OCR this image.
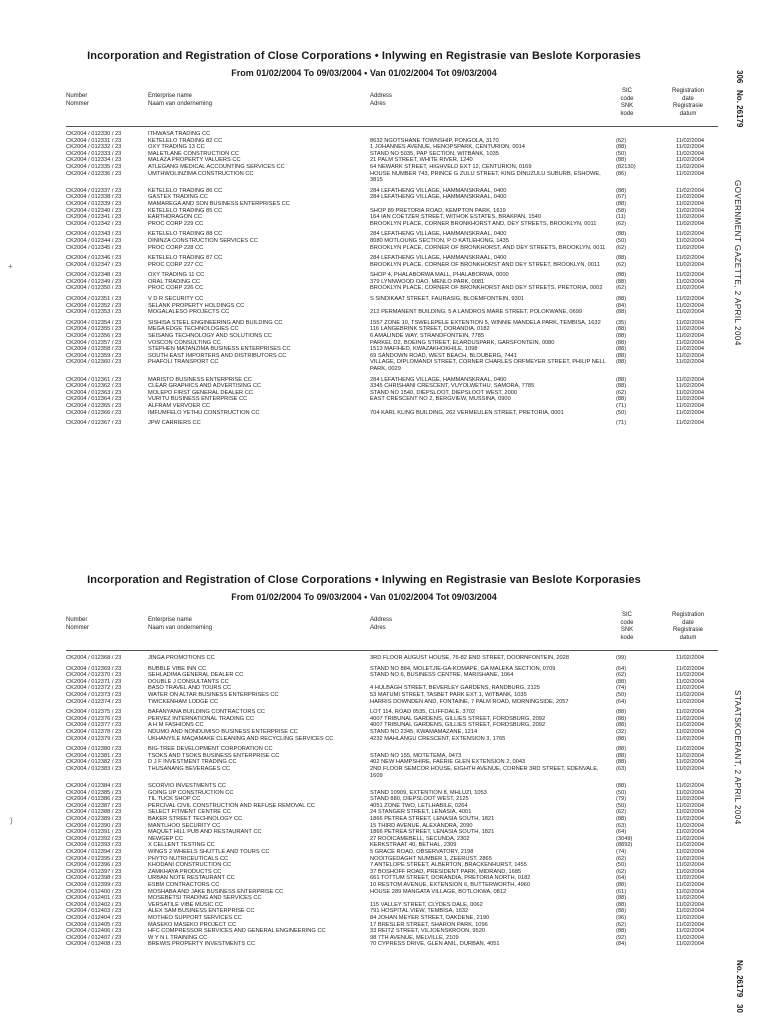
306   No. 26179
GOVERNMENT GAZETTE, 2 APRIL 2004
STAATSKOERANT, 2 APRIL 2004
No. 26179   30
+
)
Incorporation and Registration of Close Corporations • Inlywing en Registrasie van Beslote Korporasies
From 01/02/2004 To 09/03/2004 • Van 01/02/2004 Tot 09/03/2004
Number
Nommer
Enterprise name
Naam van onderneming
Address
Adres
SIC
code
SNK
kode
Registration
date
Registrasie
datum
CK2004 / 012330 / 23	ITHWASA TRADING CC
CK2004 / 012331 / 23	KETELELO TRADING 82 CC	(62)	11/02/2004
8632 NGOTSHANE TOWNSHIP, PONGOLA, 3170
CK2004 / 012332 / 23	OXY TRADING 13 CC	(88)	11/02/2004
1 JOHANNES AVENUE, HENOPSPARK, CENTURION, 0014
CK2004 / 012333 / 23	MALETLANE CONSTRUCTION CC	(50)	11/02/2004
STAND NO 5035, PAP SECTION, WITBANK, 1035
CK2004 / 012334 / 23	MALAZA PROPERTY VALUERS CC	(88)	11/02/2004
21 PALM STREET, WHITE RIVER, 1240
CK2004 / 012335 / 23	ATLEGANG MEDICAL ACCOUNTING SERVICES CC	(82130)	11/02/2004
64 NEWARK STREET, HIGHVELD EXT 12, CENTURION, 0169
CK2004 / 012336 / 23	UMTHWOLINZIMA CONSTRUCTION CC	(86)	11/02/2004
HOUSE NUMBER 743, PRINCE G ZULU STREET, KING DINUZULU SUBURB, ESHOWE, 3815
CK2004 / 012337 / 23	KETELELO TRADING 86 CC	(88)	11/02/2004
284 LEFATHENG VILLAGE, HAMMANSKRAAL, 0400
CK2004 / 012338 / 23	GASTEX TRADING CC	(67)	11/02/2004
284 LEFATHENG VILLAGE, HAMMANSKRAAL, 0400
CK2004 / 012339 / 23	MAMAREGA AND SON BUSINESS ENTERPRISES CC	(88)	11/02/2004
CK2004 / 012340 / 23	KETELELO TRADING 85 CC	(58)	11/02/2004
SHOP 89 PRETORIA ROAD, KEMPTON PARK, 1619
CK2004 / 012341 / 23	EARTHDRAGON CC	(11)	11/02/2004
164 IAN COETZER STREET, WITHOK ESTATES, BRAKPAN, 1540
CK2004 / 012342 / 23	PROC CORP 229 CC	(62)	11/02/2004
BROOKLYN PLACE, CORNER BRONKHORST AND, DEY STREETS, BROOKLYN, 0011
CK2004 / 012343 / 23	KETELELO TRADING 88 CC	(88)	11/02/2004
284 LEFATHENG VILLAGE, HAMMANSKRAAL, 0400
CK2004 / 012344 / 23	DININZA CONSTRUCTION SERVICES CC	(50)	11/02/2004
8080 MOTLOUNG SECTION, P O KATLEHONG, 1435
CK2004 / 012345 / 23	PROC CORP 228 CC	(62)	11/02/2004
BROOKLYN PLACE, CORNER OF BRONKHORST, AND DEY STREETS, BROOKLYN, 0011
CK2004 / 012346 / 23	KETELELO TRADING 87 CC	(88)	11/02/2004
284 LEFATHENG VILLAGE, HAMMANSKRAAL, 0400
CK2004 / 012347 / 23	PROC CORP 227 CC	(62)	11/02/2004
BROOKLYN PLACE, CORNER OF BRONKHORST AND DEY STREET, BROOKLYN, 0011
CK2004 / 012348 / 23	OXY TRADING 11 CC	(88)	11/02/2004
SHOP 4, PHALABORWA MALL, PHALABORWA, 0000
CK2004 / 012349 / 23	ORAL TRADING CC	(88)	11/02/2004
379 LYNNWOOD OAO, MENLO PARK, 0081
CK2004 / 012350 / 23	PROC CORP 226 CC	(62)	11/02/2004
BROOKLYN PLACE, CORNER OF BRONKHORST AND DEY STREETS, PRETORIA, 0002
CK2004 / 012351 / 23	V D R SECURITY CC	(88)	11/02/2004
S SINDIKAAT STREET, FAURASIG, BLOEMFONTEIN, 9301
CK2004 / 012352 / 23	SELANK PROPERTY HOLDINGS CC	(84)	11/02/2004
CK2004 / 012353 / 23	MOGALALESO PROJECTS CC	(88)	11/02/2004
212 PERMANENT BUILDING, 5 A LANDROS MARE STREET, POLOKWANE, 0699
CK2004 / 012354 / 23	SISHISA STEEL ENGINEERING AND BUILDING CC	(35)	11/02/2004
1557 ZONE 10, TSWELEPELE EXTENTION 5, WINNIE MANDELA PARK, TEMBISA, 1632
CK2004 / 012355 / 23	MEGA EDGE TECHNOLOGIES CC	(88)	11/02/2004
116 LANGEBRINK STREET, DORANDIA, 0182
CK2004 / 012356 / 23	SEISANG TECHNOLOGY AND SOLUTIONS CC	(88)	11/02/2004
6 AMALINDE WAY, STRANDFONTEIN, 7785
CK2004 / 012357 / 23	VOSCON CONSULTING CC	(88)	11/02/2004
PARKEL D2, BOEING STREET, ELARDUSPARK, GARSFONTEIN, 0080
CK2004 / 012358 / 23	STEPHEN MATANZIMA BUSINESS ENTERPRISES CC	(88)	11/02/2004
1513 MAFIHED, KWAZAKHOKHILE, 1098
CK2004 / 012359 / 23	SOUTH EAST IMPORTERS AND DISTRIBUTORS CC	(88)	11/02/2004
69 SANDOWN ROAD, WEST BEACH, BLOUBERG, 7441
CK2004 / 012360 / 23	PHAFOLI TRANSPORT CC	(88)	11/02/2004
VILLAGE, DIPLOMANDI STREET, CORNER CHARLES ORFMEYER STREET, PHILIP NELL PARK, 0029
CK2004 / 012361 / 23	MARISTO BUSINESS ENTERPRISE CC	(88)	11/02/2004
284 LEFATHENG VILLAGE, HAMMANSKRAAL, 0400
CK2004 / 012362 / 23	CLEAR GRAPHICS AND ADVERTISING CC	(88)	11/02/2004
3345 CHRISHANI CRESCENT, VUYOLWETHU, SAMORA, 7785
CK2004 / 012363 / 23	MOLEPO FIRST GENERAL DEALER CC	(62)	11/02/2004
STAND NO 1540, DIEPSLOOT, DIEPSLOOT WEST, 2000
CK2004 / 012364 / 23	VURITU BUSINESS ENTERPRISE CC	(88)	11/02/2004
EAST CRESCENT NO 2, BERGVIEW, MUSSINA, 0900
CK2004 / 012365 / 23	ALFRAM VERVOER CC	(71)	11/02/2004
CK2004 / 012366 / 23	IMFUMFELO YETHU CONSTRUCTION CC	(50)	11/02/2004
704 KARL KLING BUILDING, 262 VERMEULEN STREET, PRETORIA, 0001
CK2004 / 012367 / 23	JPW CARRIERS CC	(71)	11/02/2004
Incorporation and Registration of Close Corporations • Inlywing en Registrasie van Beslote Korporasies
From 01/02/2004 To 09/03/2004 • Van 01/02/2004 Tot 09/03/2004
Number
Nommer
Enterprise name
Naam van onderneming
Address
Adres
SIC
code
SNK
kode
Registration
date
Registrasie
datum
CK2004 / 012368 / 23	JINGA PROMOTIONS CC	(99)	11/02/2004
3RD FLOOR AUGUST HOUSE, 76-82 END STREET, DOORNFONTEIN, 2028
CK2004 / 012369 / 23	BUBBLE VIBE INN CC	(64)	11/02/2004
STAND NO 884, MOLETJIE-GA-KOMAPE, GA MALEKA SECTION, 0709
CK2004 / 012370 / 23	SEHLADIMA GENERAL DEALER CC	(62)	11/02/2004
STAND NO 6, BUSINESS CENTRE, MARISHANE, 1064
CK2004 / 012371 / 23	DOUBLE J CONSULTANTS CC	(88)	11/02/2004
CK2004 / 012372 / 23	BASO TRAVEL AND TOURS CC	(74)	11/02/2004
4 HULBAGH STREET, BEVERLEY GARDENS, RANDBURG, 2125
CK2004 / 012373 / 23	WATER ON ALTAR BUSINESS ENTERPRISES CC	(50)	11/02/2004
53 MATUMI STREET, TASBET PARK EXT 1, WITBANK, 1035
CK2004 / 012374 / 23	TWICKENHAM LODGE CC	(64)	11/02/2004
HARRIS DOWNDEN AND, FONTAINE, 7 PALM ROAD, MORNINGSIDE, 2057
CK2004 / 012375 / 23	BAFANYANA BUILDING CONTRACTORS CC	(88)	11/02/2004
LOT 114, ROAD 0535, CLIFFDALE, 3702
CK2004 / 012376 / 23	PERVEZ INTERNATIONAL TRADING CC	(88)	11/02/2004
4007 TRIBUNAL GARDENS, GILLIES STREET, FORDSBURG, 2092
CK2004 / 012377 / 23	A H M FASHIONS CC	(88)	11/02/2004
4007 TRIBUNAL GARDENS, GILLIES STREET, FORDSBURG, 2092
CK2004 / 012378 / 23	NDUMO AND NONDUMISO BUSINESS ENTERPRISE CC	(32)	11/02/2004
STAND NO 2345, KWAMAMAZANE, 1214
CK2004 / 012379 / 23	UKHANYILE MAQAMAKE CLEANING AND RECYCLING SERVICES CC	(88)	11/02/2004
4232 MAHLANGU CRESCENT, EXTENSION 3, 1765
CK2004 / 012380 / 23	BIG-TREE DEVELOPMENT CORPORATION CC	(88)	11/02/2004
CK2004 / 012381 / 23	TSOKS AND TSOKS BUSINESS ENTERPRISE CC	(88)	11/02/2004
STAND NO 155, MOTETEMA, 0473
CK2004 / 012382 / 23	D J F INVESTMENT TRADING CC	(88)	11/02/2004
402 NEW HAMPSHIRE, FAERIE GLEN EXTENSION 2, 0043
CK2004 / 012383 / 23	THUSANANG BEVERAGES CC	(63)	11/02/2004
2ND FLOOR SEMCOR HOUSE, EIGHTH AVENUE, CORNER 3RD STREET, EDENVALE, 1609
CK2004 / 012384 / 23	SCORVIO INVESTMENTS CC	(88)	11/02/2004
CK2004 / 012385 / 23	GOING UP CONSTRUCTION CC	(50)	11/02/2004
STAND 10909, EXTENTION 8, MHLUZI, 1053
CK2004 / 012386 / 23	TIL TUCK SHOP CC	(79)	11/02/2004
STAND 880, DIEPSLOOT WEST, 2125
CK2004 / 012387 / 23	PERCIVAL CIVIL CONSTRUCTION AND REFUSE REMOVAL CC	(50)	11/02/2004
4051 ZONE TWO, LETLHABILE, 0264
CK2004 / 012388 / 23	SELECT FITMENT CENTRE CC	(62)	11/02/2004
24 STANGER STREET, LENASIA, 4001
CK2004 / 012389 / 23	BAKER STREET TECHNOLOGY CC	(88)	11/02/2004
1866 PETREA STREET, LENASIA SOUTH, 1821
CK2004 / 012390 / 23	MANTLHOO SECURITY CC	(63)	11/02/2004
15 THIRD AVENUE, ALEXANDRA, 2090
CK2004 / 012391 / 23	MAQUET HILL PUB AND RESTAURANT CC	(64)	11/02/2004
1866 PETREA STREET, LENASIA SOUTH, 1821
CK2004 / 012392 / 23	NEWGEP CC	(3049)	11/02/2004
27 ROOICAMEBELL, SECUNDA, 2302
CK2004 / 012393 / 23	X CELLENT TESTING CC	(8892)	11/02/2004
KERKSTRAAT 40, BETHAL, 2309
CK2004 / 012394 / 23	WINGS 2 WHEELS SHUTTLE AND TOURS CC	(74)	11/02/2004
5 GRACE ROAD, OBSERVATORY, 2198
CK2004 / 012395 / 23	PHYTO NUTRICEUTICALS CC	(62)	11/02/2004
NOOITGEDAGHT NUMBER 1, ZEERUST, 2865
CK2004 / 012396 / 23	KHODANI CONSTRUCTION CC	(50)	11/02/2004
7 ANTELOPE STREET, ALBERTON, BRACKENHURST, 1455
CK2004 / 012397 / 23	ZAMKHAYA PRODUCTS CC	(62)	11/02/2004
37 BOSHOFF ROAD, PRESIDENT PARK, MIDRAND, 1685
CK2004 / 012398 / 23	URBAN NOTE RESTAURANT CC	(64)	11/02/2004
661 TOTTUM STREET, DORANDIA, PRETORIA NORTH, 0182
CK2004 / 012399 / 23	ESBM CONTRACTORS CC	(88)	11/02/2004
10 RESTOM AVENUE, EXTENSION 6, BUTTERWORTH, 4960
CK2004 / 012400 / 23	MOSHABA AND JAKE BUSINESS ENTERPRISE CC	(61)	11/02/2004
HOUSE 289 MANGATA VILLAGE, BOTLOKWA, 0812
CK2004 / 012401 / 23	MOSEBETSI TRADING AND SERVICES CC	(88)	11/02/2004
CK2004 / 012402 / 23	VERSATILE VIBE MUSIC CC	(88)	11/02/2004
115 VALLEY STREET, CLYDES DALE, 0062
CK2004 / 012403 / 23	ALEX SAM BUSINESS ENTERPRISE CC	(88)	11/02/2004
791 HOSPITAL VIEW, TEMBISA, 1632
CK2004 / 012404 / 23	MOTHEO SUPPORT SERVICES CC	(96)	11/02/2004
84 JOHAN MEYER STREET, OAKDENE, 2190
CK2004 / 012405 / 23	MASEKO MASEKO PROJECT CC	(62)	11/02/2004
17 BRESLER STREET, SHARON PARK, 1096
CK2004 / 012406 / 23	HFC COMPRESSOR SERVICES AND GENERAL ENGINEERING CC	(88)	11/02/2004
33 REITZ STREET, VILJOENSKROON, 9520
CK2004 / 012407 / 23	W Y N L TRAINING CC	(92)	11/02/2004
98 7TH AVENUE, MELVILLE, 2109
CK2004 / 012408 / 23	BREWIS PROPERTY INVESTMENTS CC	(84)	11/02/2004
70 CYPRESS DRIVE, GLEN ANIL, DURBAN, 4051
